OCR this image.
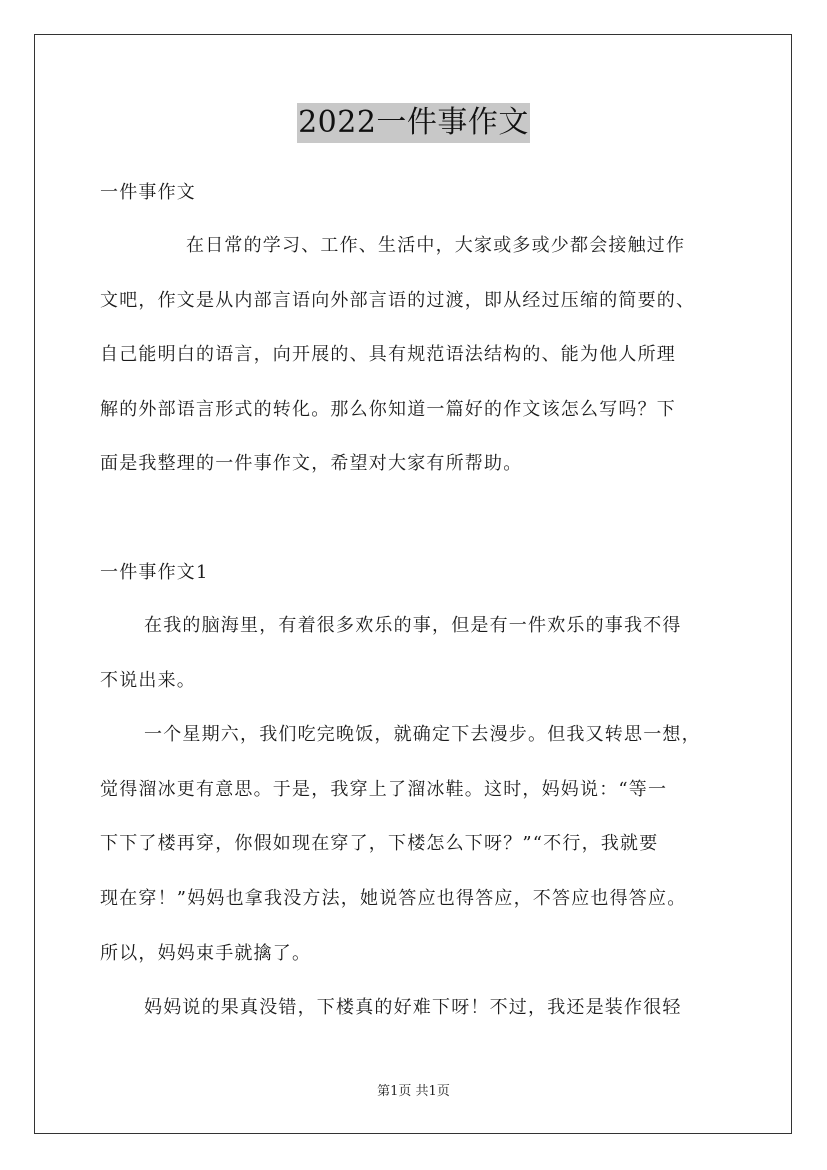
2022一件事作文
一件事作文
在日常的学习、工作、生活中，大家或多或少都会接触过作
文吧，作文是从内部言语向外部言语的过渡，即从经过压缩的简要的、
自己能明白的语言，向开展的、具有规范语法结构的、能为他人所理
解的外部语言形式的转化。那么你知道一篇好的作文该怎么写吗？下
面是我整理的一件事作文，希望对大家有所帮助。
一件事作文1
在我的脑海里，有着很多欢乐的事，但是有一件欢乐的事我不得
不说出来。
一个星期六，我们吃完晚饭，就确定下去漫步。但我又转思一想，
觉得溜冰更有意思。于是，我穿上了溜冰鞋。这时，妈妈说：“等一
下下了楼再穿，你假如现在穿了，下楼怎么下呀？”“不行，我就要
现在穿！”妈妈也拿我没方法，她说答应也得答应，不答应也得答应。
所以，妈妈束手就擒了。
妈妈说的果真没错，下楼真的好难下呀！不过，我还是装作很轻
第1页 共1页
